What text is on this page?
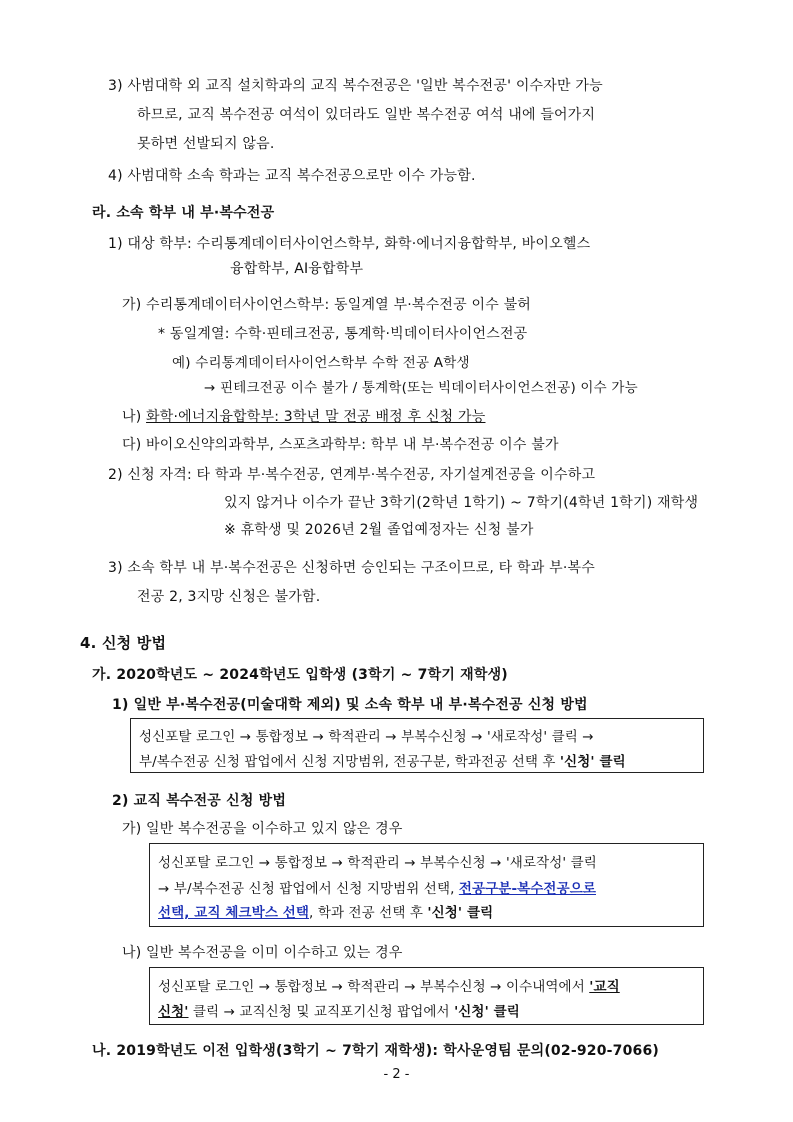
3) 사범대학 외 교직 설치학과의 교직 복수전공은 '일반 복수전공' 이수자만 가능
하므로, 교직 복수전공 여석이 있더라도 일반 복수전공 여석 내에 들어가지
못하면 선발되지 않음.
4) 사범대학 소속 학과는 교직 복수전공으로만 이수 가능함.
라. 소속 학부 내 부·복수전공
1) 대상 학부: 수리통계데이터사이언스학부, 화학·에너지융합학부, 바이오헬스
융합학부, AI융합학부
가) 수리통계데이터사이언스학부: 동일계열 부·복수전공 이수 불허
* 동일계열: 수학·핀테크전공, 통계학·빅데이터사이언스전공
예) 수리통계데이터사이언스학부 수학 전공 A학생
→ 핀테크전공 이수 불가 / 통계학(또는 빅데이터사이언스전공) 이수 가능
나) 화학·에너지융합학부: 3학년 말 전공 배정 후 신청 가능
다) 바이오신약의과학부, 스포츠과학부: 학부 내 부·복수전공 이수 불가
2) 신청 자격: 타 학과 부·복수전공, 연계부·복수전공, 자기설계전공을 이수하고
있지 않거나 이수가 끝난 3학기(2학년 1학기) ~ 7학기(4학년 1학기) 재학생
※ 휴학생 및 2026년 2월 졸업예정자는 신청 불가
3) 소속 학부 내 부·복수전공은 신청하면 승인되는 구조이므로, 타 학과 부·복수
전공 2, 3지망 신청은 불가함.
4. 신청 방법
가. 2020학년도 ~ 2024학년도 입학생 (3학기 ~ 7학기 재학생)
1) 일반 부·복수전공(미술대학 제외) 및 소속 학부 내 부·복수전공 신청 방법
성신포탈 로그인 → 통합정보 → 학적관리 → 부복수신청 → '새로작성' 클릭 →
부/복수전공 신청 팝업에서 신청 지망범위, 전공구분, 학과전공 선택 후 '신청' 클릭
2) 교직 복수전공 신청 방법
가) 일반 복수전공을 이수하고 있지 않은 경우
성신포탈 로그인 → 통합정보 → 학적관리 → 부복수신청 → '새로작성' 클릭
→ 부/복수전공 신청 팝업에서 신청 지망범위 선택, 전공구분-복수전공으로
선택, 교직 체크박스 선택, 학과 전공 선택 후 '신청' 클릭
나) 일반 복수전공을 이미 이수하고 있는 경우
성신포탈 로그인 → 통합정보 → 학적관리 → 부복수신청 → 이수내역에서 '교직
신청' 클릭 → 교직신청 및 교직포기신청 팝업에서 '신청' 클릭
나. 2019학년도 이전 입학생(3학기 ~ 7학기 재학생): 학사운영팀 문의(02-920-7066)
- 2 -
